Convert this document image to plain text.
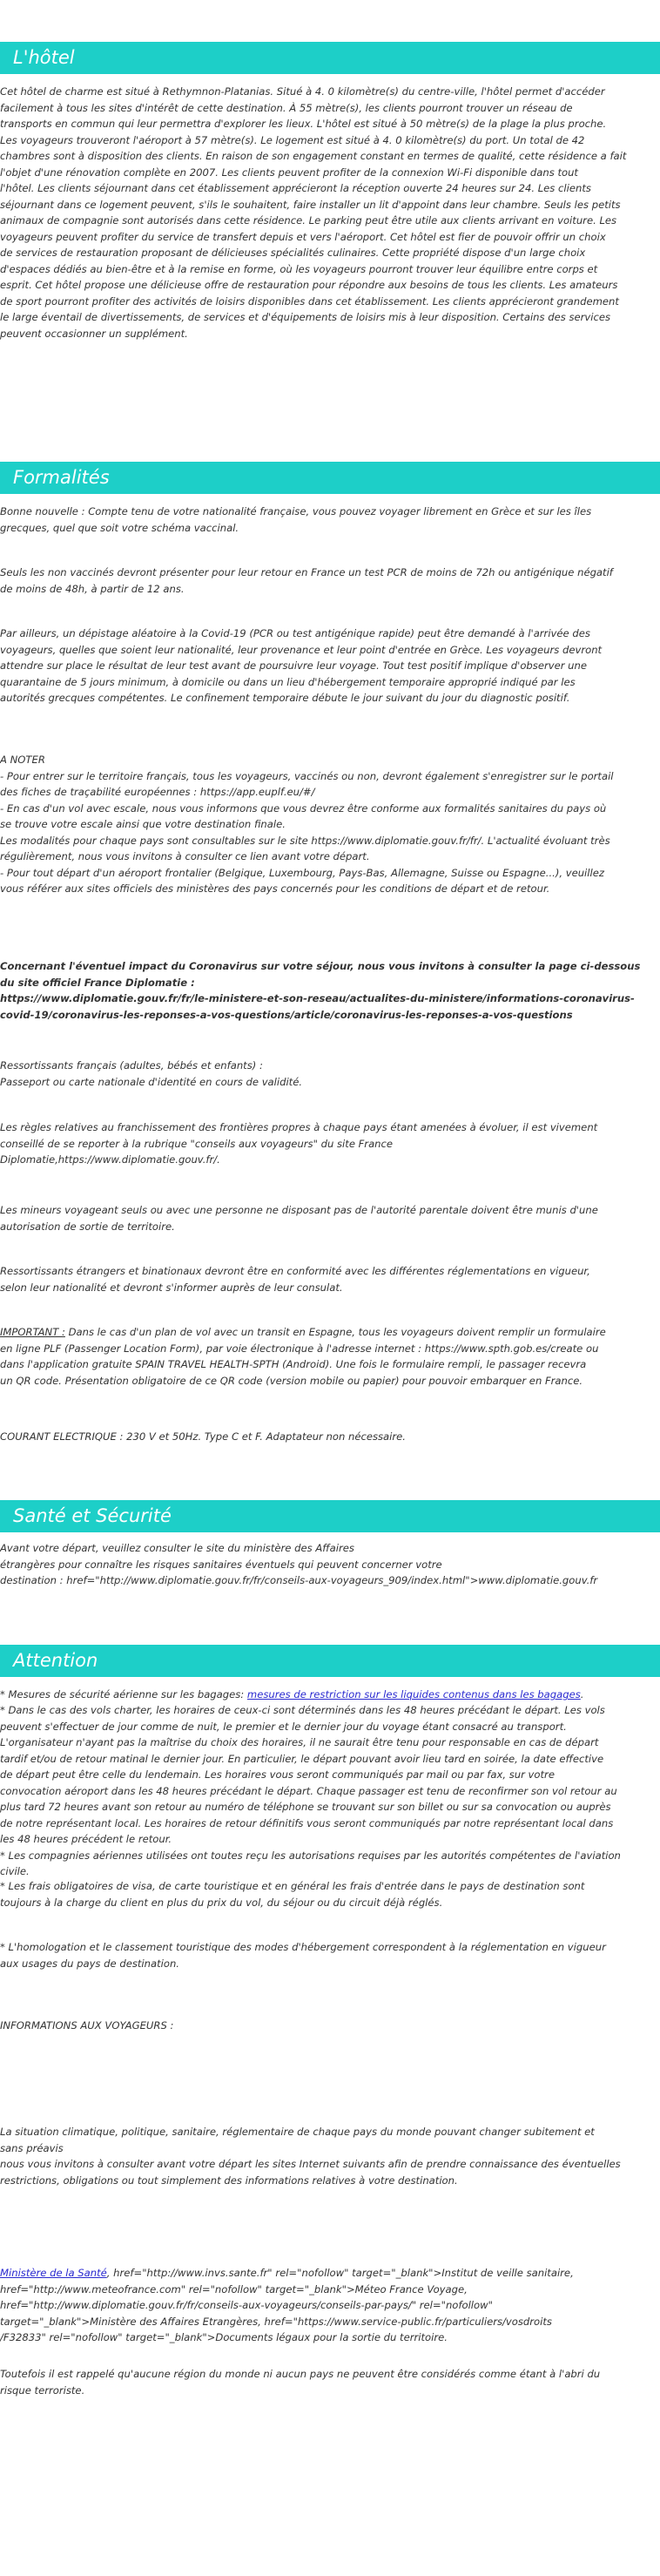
L'hôtel
Cet hôtel de charme est situé à Rethymnon-Platanias. Situé à 4. 0 kilomètre(s) du centre-ville, l'hôtel permet d'accéder
facilement à tous les sites d'intérêt de cette destination. À 55 mètre(s), les clients pourront trouver un réseau de
transports en commun qui leur permettra d'explorer les lieux. L'hôtel est situé à 50 mètre(s) de la plage la plus proche.
Les voyageurs trouveront l'aéroport à 57 mètre(s). Le logement est situé à 4. 0 kilomètre(s) du port. Un total de 42
chambres sont à disposition des clients. En raison de son engagement constant en termes de qualité, cette résidence a fait
l'objet d'une rénovation complète en 2007. Les clients peuvent profiter de la connexion Wi-Fi disponible dans tout
l'hôtel. Les clients séjournant dans cet établissement apprécieront la réception ouverte 24 heures sur 24. Les clients
séjournant dans ce logement peuvent, s'ils le souhaitent, faire installer un lit d'appoint dans leur chambre. Seuls les petits
animaux de compagnie sont autorisés dans cette résidence. Le parking peut être utile aux clients arrivant en voiture. Les
voyageurs peuvent profiter du service de transfert depuis et vers l'aéroport. Cet hôtel est fier de pouvoir offrir un choix
de services de restauration proposant de délicieuses spécialités culinaires. Cette propriété dispose d'un large choix
d'espaces dédiés au bien-être et à la remise en forme, où les voyageurs pourront trouver leur équilibre entre corps et
esprit. Cet hôtel propose une délicieuse offre de restauration pour répondre aux besoins de tous les clients. Les amateurs
de sport pourront profiter des activités de loisirs disponibles dans cet établissement. Les clients apprécieront grandement
le large éventail de divertissements, de services et d'équipements de loisirs mis à leur disposition. Certains des services
peuvent occasionner un supplément.
Formalités
Bonne nouvelle : Compte tenu de votre nationalité française, vous pouvez voyager librement en Grèce et sur les îles
grecques, quel que soit votre schéma vaccinal.
Seuls les non vaccinés devront présenter pour leur retour en France un test PCR de moins de 72h ou antigénique négatif
de moins de 48h, à partir de 12 ans.
Par ailleurs, un dépistage aléatoire à la Covid-19 (PCR ou test antigénique rapide) peut être demandé à l'arrivée des
voyageurs, quelles que soient leur nationalité, leur provenance et leur point d'entrée en Grèce. Les voyageurs devront
attendre sur place le résultat de leur test avant de poursuivre leur voyage. Tout test positif implique d'observer une
quarantaine de 5 jours minimum, à domicile ou dans un lieu d'hébergement temporaire approprié indiqué par les
autorités grecques compétentes. Le confinement temporaire débute le jour suivant du jour du diagnostic positif.
A NOTER
- Pour entrer sur le territoire français, tous les voyageurs, vaccinés ou non, devront également s'enregistrer sur le portail
des fiches de traçabilité européennes : https://app.euplf.eu/#/
- En cas d'un vol avec escale, nous vous informons que vous devrez être conforme aux formalités sanitaires du pays où
se trouve votre escale ainsi que votre destination finale.
Les modalités pour chaque pays sont consultables sur le site https://www.diplomatie.gouv.fr/fr/. L'actualité évoluant très
régulièrement, nous vous invitons à consulter ce lien avant votre départ.
- Pour tout départ d'un aéroport frontalier (Belgique, Luxembourg, Pays-Bas, Allemagne, Suisse ou Espagne...), veuillez
vous référer aux sites officiels des ministères des pays concernés pour les conditions de départ et de retour.
Concernant l'éventuel impact du Coronavirus sur votre séjour, nous vous invitons à consulter la page ci-dessous
du site officiel France Diplomatie :
https://www.diplomatie.gouv.fr/fr/le-ministere-et-son-reseau/actualites-du-ministere/informations-coronavirus-
covid-19/coronavirus-les-reponses-a-vos-questions/article/coronavirus-les-reponses-a-vos-questions
Ressortissants français (adultes, bébés et enfants) :
Passeport ou carte nationale d'identité en cours de validité.
Les règles relatives au franchissement des frontières propres à chaque pays étant amenées à évoluer, il est vivement
conseillé de se reporter à la rubrique "conseils aux voyageurs" du site France
Diplomatie,https://www.diplomatie.gouv.fr/.
Les mineurs voyageant seuls ou avec une personne ne disposant pas de l'autorité parentale doivent être munis d'une
autorisation de sortie de territoire.
Ressortissants étrangers et binationaux devront être en conformité avec les différentes réglementations en vigueur,
selon leur nationalité et devront s'informer auprès de leur consulat.
IMPORTANT : Dans le cas d'un plan de vol avec un transit en Espagne, tous les voyageurs doivent remplir un formulaire
en ligne PLF (Passenger Location Form), par voie électronique à l'adresse internet : https://www.spth.gob.es/create ou
dans l'application gratuite SPAIN TRAVEL HEALTH-SPTH (Android). Une fois le formulaire rempli, le passager recevra
un QR code. Présentation obligatoire de ce QR code (version mobile ou papier) pour pouvoir embarquer en France.
COURANT ELECTRIQUE : 230 V et 50Hz. Type C et F. Adaptateur non nécessaire.
Santé et Sécurité
Avant votre départ, veuillez consulter le site du ministère des Affaires
étrangères pour connaître les risques sanitaires éventuels qui peuvent concerner votre
destination : href="http://www.diplomatie.gouv.fr/fr/conseils-aux-voyageurs_909/index.html">www.diplomatie.gouv.fr
Attention
* Mesures de sécurité aérienne sur les bagages: mesures de restriction sur les liquides contenus dans les bagages.
* Dans le cas des vols charter, les horaires de ceux-ci sont déterminés dans les 48 heures précédant le départ. Les vols
peuvent s'effectuer de jour comme de nuit, le premier et le dernier jour du voyage étant consacré au transport.
L'organisateur n'ayant pas la maîtrise du choix des horaires, il ne saurait être tenu pour responsable en cas de départ
tardif et/ou de retour matinal le dernier jour. En particulier, le départ pouvant avoir lieu tard en soirée, la date effective
de départ peut être celle du lendemain. Les horaires vous seront communiqués par mail ou par fax, sur votre
convocation aéroport dans les 48 heures précédant le départ. Chaque passager est tenu de reconfirmer son vol retour au
plus tard 72 heures avant son retour au numéro de téléphone se trouvant sur son billet ou sur sa convocation ou auprès
de notre représentant local. Les horaires de retour définitifs vous seront communiqués par notre représentant local dans
les 48 heures précédent le retour.
* Les compagnies aériennes utilisées ont toutes reçu les autorisations requises par les autorités compétentes de l'aviation
civile.
* Les frais obligatoires de visa, de carte touristique et en général les frais d'entrée dans le pays de destination sont
toujours à la charge du client en plus du prix du vol, du séjour ou du circuit déjà réglés.
* L'homologation et le classement touristique des modes d'hébergement correspondent à la réglementation en vigueur
aux usages du pays de destination.
INFORMATIONS AUX VOYAGEURS :
La situation climatique, politique, sanitaire, réglementaire de chaque pays du monde pouvant changer subitement et
sans préavis
nous vous invitons à consulter avant votre départ les sites Internet suivants afin de prendre connaissance des éventuelles
restrictions, obligations ou tout simplement des informations relatives à votre destination.
Ministère de la Santé, href="http://www.invs.sante.fr" rel="nofollow" target="_blank">Institut de veille sanitaire,
href="http://www.meteofrance.com" rel="nofollow" target="_blank">Méteo France Voyage,
href="http://www.diplomatie.gouv.fr/fr/conseils-aux-voyageurs/conseils-par-pays/" rel="nofollow"
target="_blank">Ministère des Affaires Etrangères, href="https://www.service-public.fr/particuliers/vosdroits
/F32833" rel="nofollow" target="_blank">Documents légaux pour la sortie du territoire.
Toutefois il est rappelé qu'aucune région du monde ni aucun pays ne peuvent être considérés comme étant à l'abri du
risque terroriste.
